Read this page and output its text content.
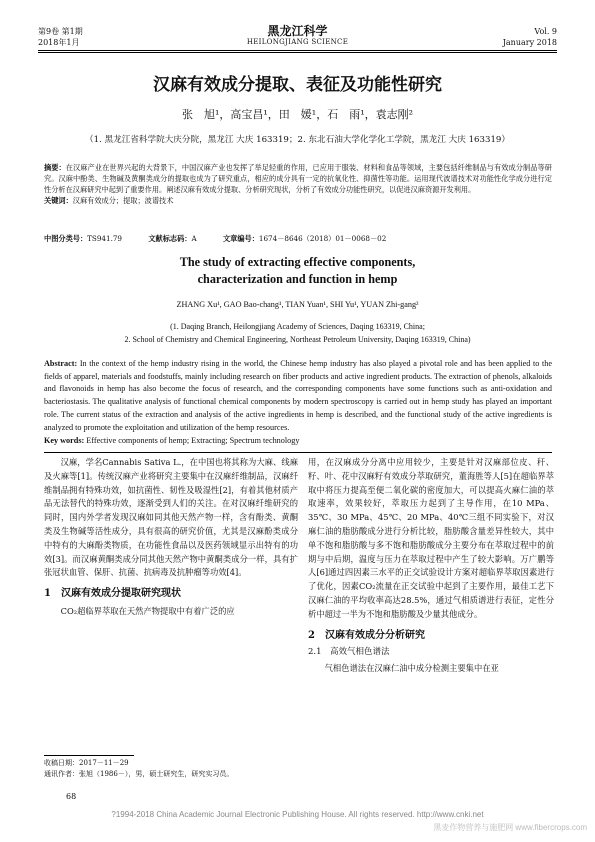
第9卷 第1期
2018年1月
黑龙江科学
HEILONGJIANG SCIENCE
Vol. 9
January 2018
汉麻有效成分提取、表征及功能性研究
张　旭¹，高宝昌¹，田　媛¹，石　雨¹，袁志刚²
（1. 黑龙江省科学院大庆分院，黑龙江 大庆 163319；2. 东北石油大学化学化工学院，黑龙江 大庆 163319）
摘要：在汉麻产业在世界兴起的大背景下，中国汉麻产业也发挥了举足轻重的作用，已应用于服装、材料和食品等领域，主要包括纤维制品与有效成分制品等研究。汉麻中酚类、生物碱及黄酮类成分的提取也成为了研究重点，相应的成分具有一定的抗氧化性、抑菌性等功能。运用现代波谱技术对功能性化学成分进行定性分析在汉麻研究中起到了重要作用。阐述汉麻有效成分提取、分析研究现状，分析了有效成分功能性研究，以促进汉麻资源开发利用。
关键词：汉麻有效成分；提取；波谱技术
中图分类号：TS941.79	文献标志码：A	文章编号：1674－8646（2018）01－0068－02
The study of extracting effective components, characterization and function in hemp
ZHANG Xu¹, GAO Bao-chang¹, TIAN Yuan¹, SHI Yu¹, YUAN Zhi-gang²
(1. Daqing Branch, Heilongjiang Academy of Sciences, Daqing 163319, China;
2. School of Chemistry and Chemical Engineering, Northeast Petroleum University, Daqing 163319, China)
Abstract: In the context of the hemp industry rising in the world, the Chinese hemp industry has also played a pivotal role and has been applied to the fields of apparel, materials and foodstuffs, mainly including research on fiber products and active ingredient products. The extraction of phenols, alkaloids and flavonoids in hemp has also become the focus of research, and the corresponding components have some functions such as anti-oxidation and bacteriostasis. The qualitative analysis of functional chemical components by modern spectroscopy is carried out in hemp study has played an important role. The current status of the extraction and analysis of the active ingredients in hemp is described, and the functional study of the active ingredients is analyzed to promote the exploitation and utilization of the hemp resources.
Key words: Effective components of hemp; Extracting; Spectrum technology

汉麻，学名Cannabis Sativa L.，在中国也将其称为大麻、线麻及火麻等[1]。传统汉麻产业将研究主要集中在汉麻纤维制品，汉麻纤维制品拥有特殊功效，如抗菌性、韧性及吸湿性[2]，有着其他材质产品无法替代的特殊功效，逐渐受到人们的关注。在对汉麻纤维研究的同时，国内外学者发现汉麻如同其他天然产物一样，含有酚类、黄酮类及生物碱等活性成分，具有很高的研究价值，尤其是汉麻酚类成分中特有的大麻酚类物质，在功能性食品以及医药领域显示出特有的功效[3]。而汉麻黄酮类成分同其他天然产物中黄酮类成分一样，具有扩张冠状血管、保肝、抗菌、抗病毒及抗肿瘤等功效[4]。

1　汉麻有效成分提取研究现状

CO₂超临界萃取在天然产物提取中有着广泛的应

用，在汉麻成分分离中应用较少，主要是针对汉麻部位皮、秆、籽、叶、花中汉麻籽有效成分萃取研究，董海胜等人[5]在超临界萃取中将压力提高至便二氧化碳的密度加大，可以提高火麻仁油的萃取速率，效果较好，萃取压力起到了主导作用，在10 MPa、35℃、30 MPa、45℃、20 MPa、40℃三组不同实验下，对汉麻仁油的脂肪酸成分进行分析比较，脂肪酸含量差异性较大，其中单不饱和脂肪酸与多不饱和脂肪酸成分主要分布在萃取过程中的前期与中后期，温度与压力在萃取过程中产生了较大影响。万广鹏等人[6]通过四因素三水平的正交试验设计方案对超临界萃取因素进行了优化，因素CO₂流量在正交试验中起到了主要作用，最佳工艺下汉麻仁油的平均收率高达28.5%，通过气相质谱进行表征，定性分析中超过一半为不饱和脂肪酸及少量其他成分。

2　汉麻有效成分分析研究
2.1　高效气相色谱法

气相色谱法在汉麻仁油中成分检测主要集中在亚

收稿日期：2017－11－29
通讯作者：张旭（1986－），男，硕士研究生，研究实习员。
68
?1994-2018 China Academic Journal Electronic Publishing House. All rights reserved. http://www.cnki.net
黑麦作物营养与施肥网 www.fibercrops.com
